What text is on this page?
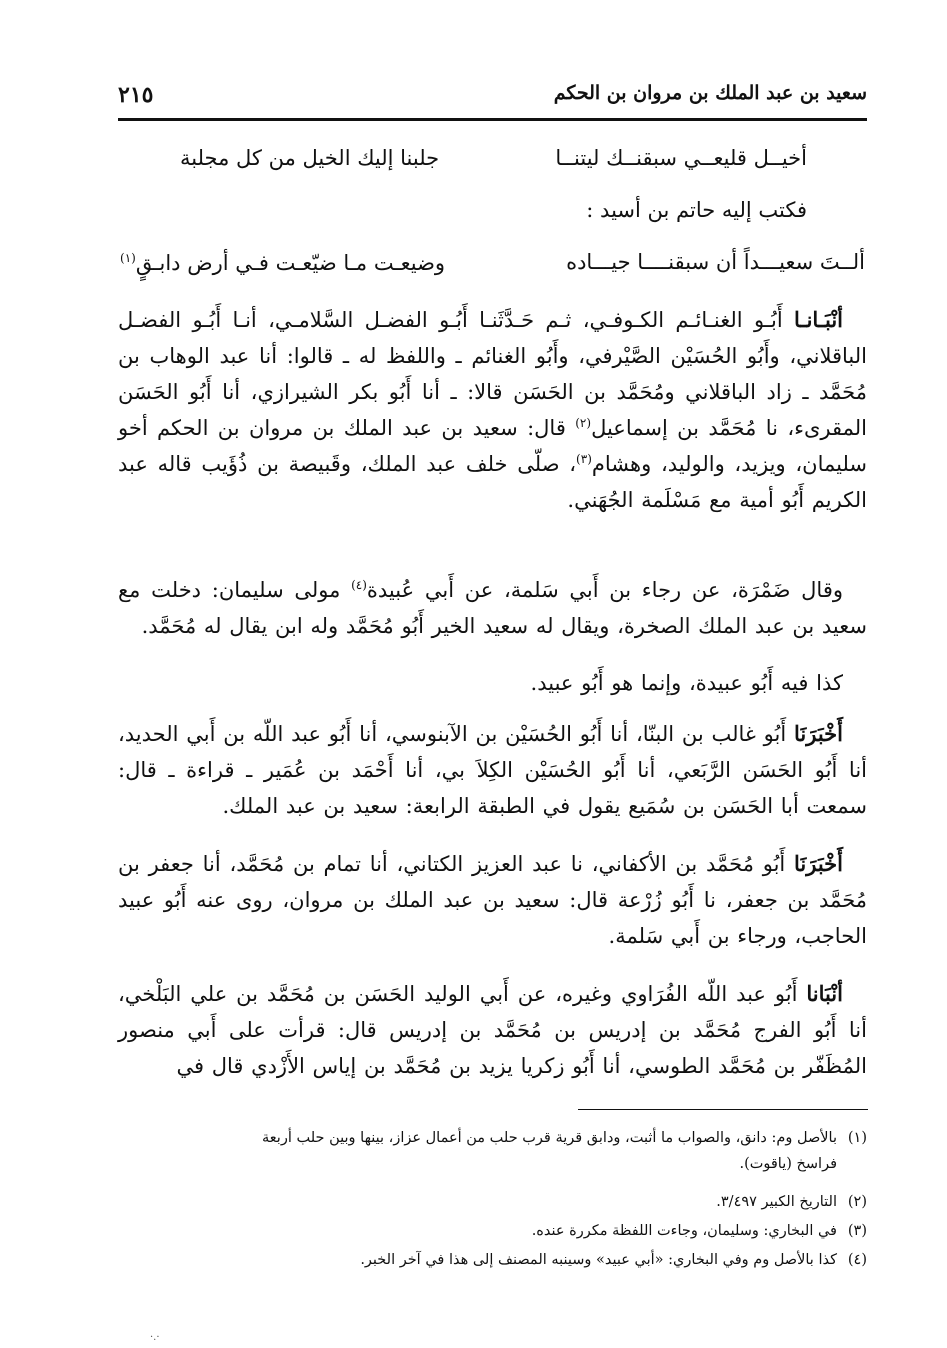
سعيد بن عبد الملك بن مروان بن الحكم
٢١٥
أخيــل قليعــي سبقنــك ليتنــا
جلبنا إليك الخيل من كل مجلبة
فكتب إليه حاتم بن أسيد :
ألــتَ سعيـــداً أن سبقنــــا جيـــاده
وضيعـت مـا ضيّعـت فـي أرض دابـقٍ$^{(١)}$
أنْبَـانـا أَبُـو الغنـائـم الكـوفـي، ثـم حَـدَّثَنـا أَبُـو الفضـل السَّلامـي، أنـا أَبُـو الفضـل الباقلاني، وأَبُو الحُسَيْن الصَّيْرفي، وأَبُو الغنائم ـ واللفظ له ـ قالوا: أنا عبد الوهاب بن مُحَمَّد ـ زاد الباقلاني ومُحَمَّد بن الحَسَن قالا: ـ أنا أَبُو بكر الشيرازي، أنا أَبُو الحَسَن المقرىء، نا مُحَمَّد بن إسماعيل$^{(٢)}$ قال: سعيد بن عبد الملك بن مروان بن الحكم أخو سليمان، ويزيد، والوليد، وهشام$^{(٣)}$، صلّى خلف عبد الملك، وقَبيصة بن ذُؤَيب قاله عبد الكريم أَبُو أمية مع مَسْلَمة الجُهَني.
وقال ضَمْرَة، عن رجاء بن أَبي سَلمة، عن أَبي عُبيدة$^{(٤)}$ مولى سليمان: دخلت مع سعيد بن عبد الملك الصخرة، ويقال له سعيد الخير أَبُو مُحَمَّد وله ابن يقال له مُحَمَّد.
كذا فيه أَبُو عبيدة، وإنما هو أَبُو عبيد.
أَخْبَرَنَا أَبُو غالب بن البنّا، أنا أَبُو الحُسَيْن بن الآبنوسي، أنا أَبُو عبد اللّه بن أَبي الحديد، أنا أَبُو الحَسَن الرَّبَعي، أنا أَبُو الحُسَيْن الكِلاَ بي، أنا أَحْمَد بن عُمَير ـ قراءة ـ قال: سمعت أبا الحَسَن بن سُمَيع يقول في الطبقة الرابعة: سعيد بن عبد الملك.
أَخْبَرَنَا أَبُو مُحَمَّد بن الأكفاني، نا عبد العزيز الكتاني، أنا تمام بن مُحَمَّد، أنا جعفر بن مُحَمَّد بن جعفر، نا أَبُو زُرْعة قال: سعيد بن عبد الملك بن مروان، روى عنه أَبُو عبيد الحاجب، ورجاء بن أَبي سَلمة.
أنْبَانا أَبُو عبد اللّه الفُرَاوي وغيره، عن أَبي الوليد الحَسَن بن مُحَمَّد بن علي البَلْخي، أنا أَبُو الفرج مُحَمَّد بن إدريس بن مُحَمَّد بن إدريس قال: قرأت على أَبي منصور المُظَفّر بن مُحَمَّد الطوسي، أنا أَبُو زكريا يزيد بن مُحَمَّد بن إياس الأَزْدي قال في
(١)بالأصل وم: دانق، والصواب ما أثبت، ودابق قرية قرب حلب من أعمال عزاز، بينها وبين حلب أربعة
فراسخ (ياقوت).
(٢)التاريخ الكبير ٣/٤٩٧.
(٣)في البخاري: وسليمان، وجاءت اللفظة مكررة عنده.
(٤)كذا بالأصل وم وفي البخاري: «أبي عبيد» وسينبه المصنف إلى هذا في آخر الخبر.
·.·
